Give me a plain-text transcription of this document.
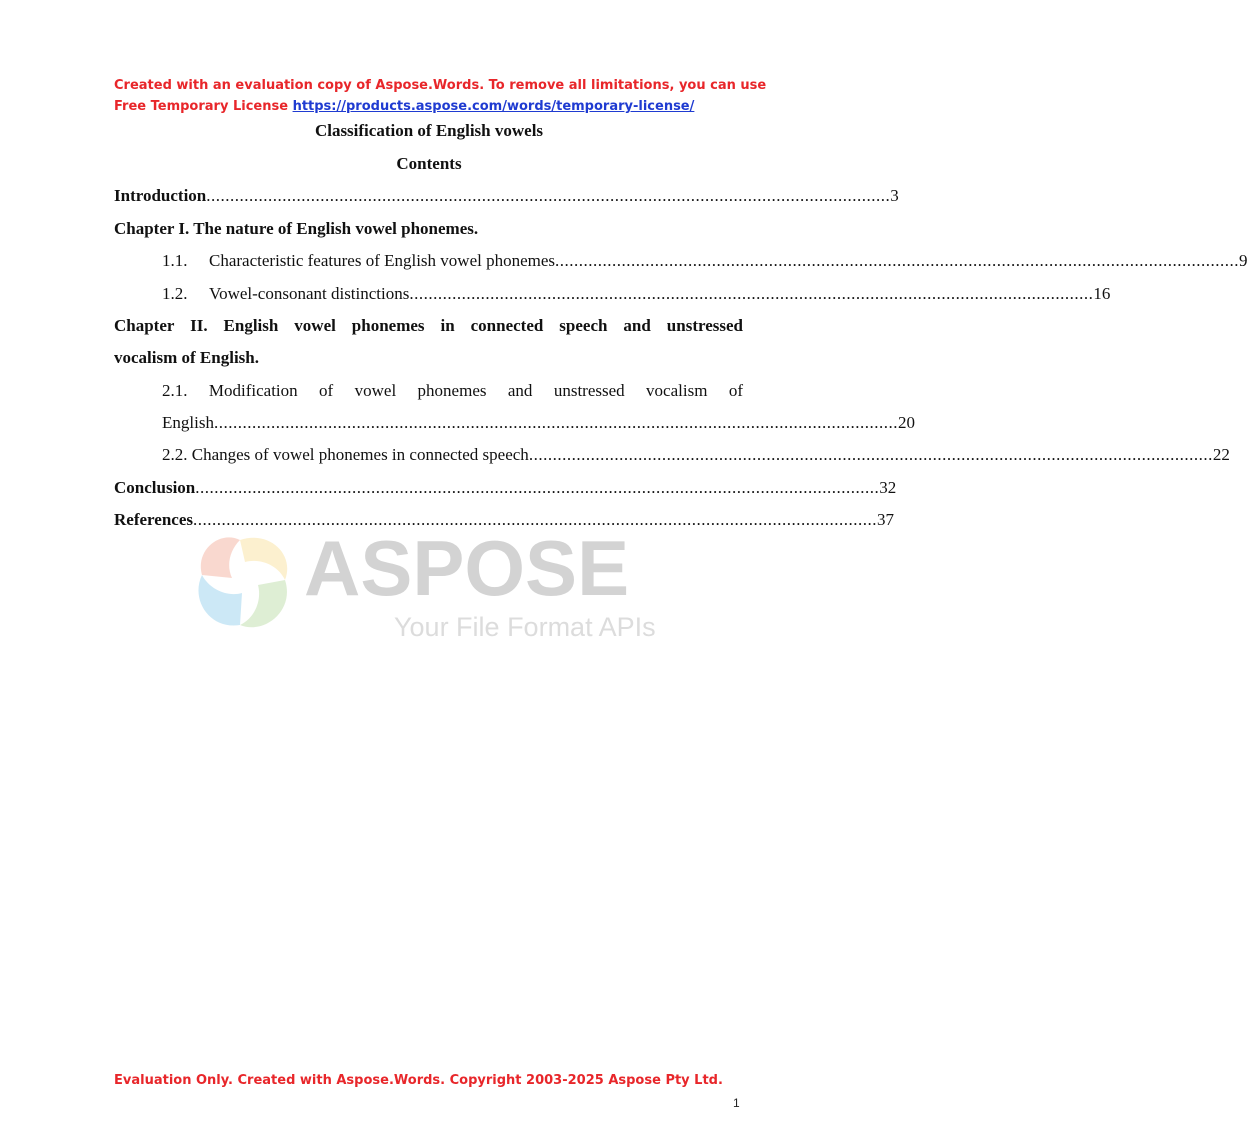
Created with an evaluation copy of Aspose.Words. To remove all limitations, you can use
Free Temporary License https://products.aspose.com/words/temporary-license/
ASPOSE
Your File Format APIs
Classification of English vowels
Contents
Introduction ................................................................................................................................................ 3
Chapter I. The nature of English vowel phonemes.
1.1. Characteristic features of English vowel phonemes ................................................................................................................................................ 9
1.2. Vowel-consonant distinctions ................................................................................................................................................ 16
Chapter II. English vowel phonemes in connected speech and unstressed
vocalism of English.
2.1. Modification of vowel phonemes and unstressed vocalism of
English ................................................................................................................................................ 20
2.2. Changes of vowel phonemes in connected speech ................................................................................................................................................ 22
Conclusion ................................................................................................................................................ 32
References ................................................................................................................................................ 37
Evaluation Only. Created with Aspose.Words. Copyright 2003-2025 Aspose Pty Ltd.
1
